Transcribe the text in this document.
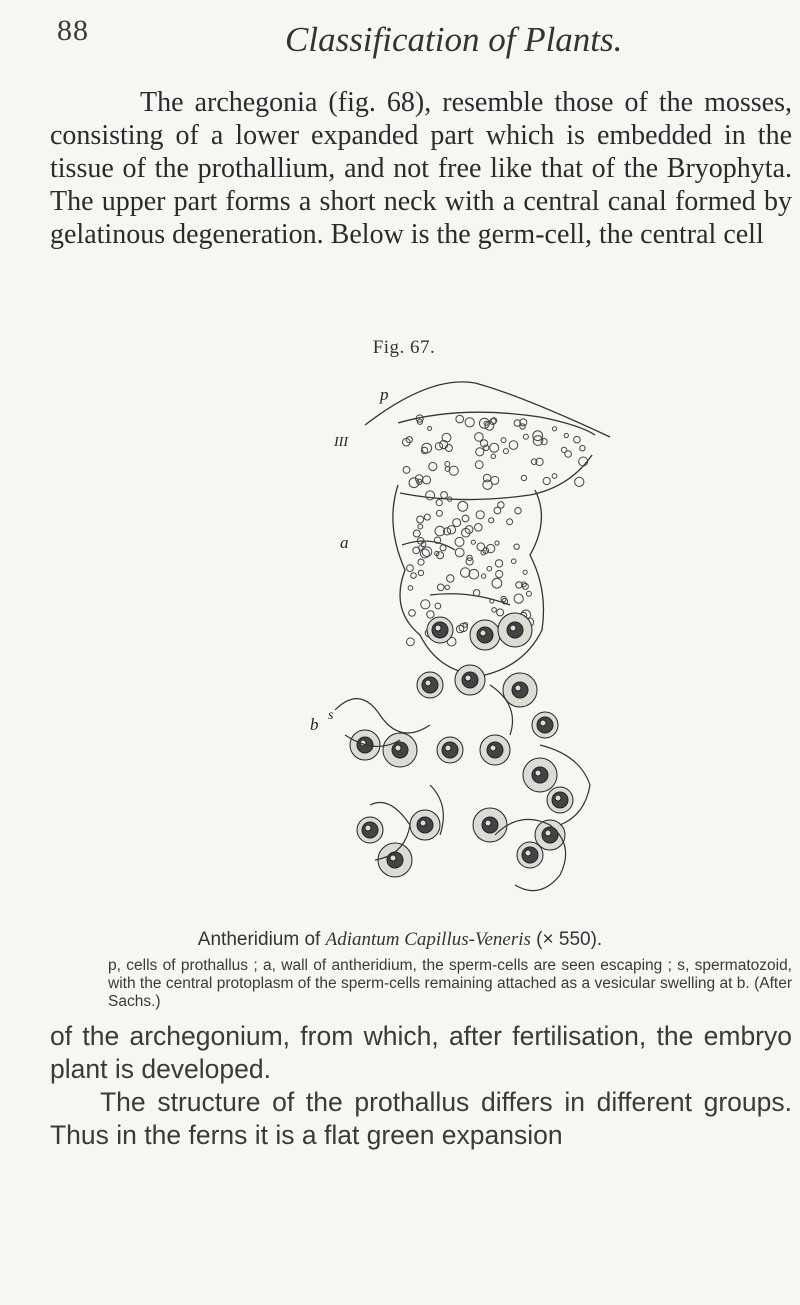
88	Classification of Plants.

The archegonia (fig. 68), resemble those of the mosses, consisting of a lower expanded part which is embedded in the tissue of the prothallium, and not free like that of the Bryophyta. The upper part forms a short neck with a central canal formed by gelatinous degeneration. Below is the germ-cell, the central cell

Fig. 67.
p
III
a
b s
Antheridium of Adiantum Capillus-Veneris (× 550).

p, cells of prothallus ; a, wall of antheridium, the sperm-cells are seen escaping ; s, spermatozoid, with the central protoplasm of the sperm-cells remaining attached as a vesicular swelling at b. (After Sachs.)

of the archegonium, from which, after fertilisation, the embryo plant is developed.

The structure of the prothallus differs in different groups. Thus in the ferns it is a flat green expansion
